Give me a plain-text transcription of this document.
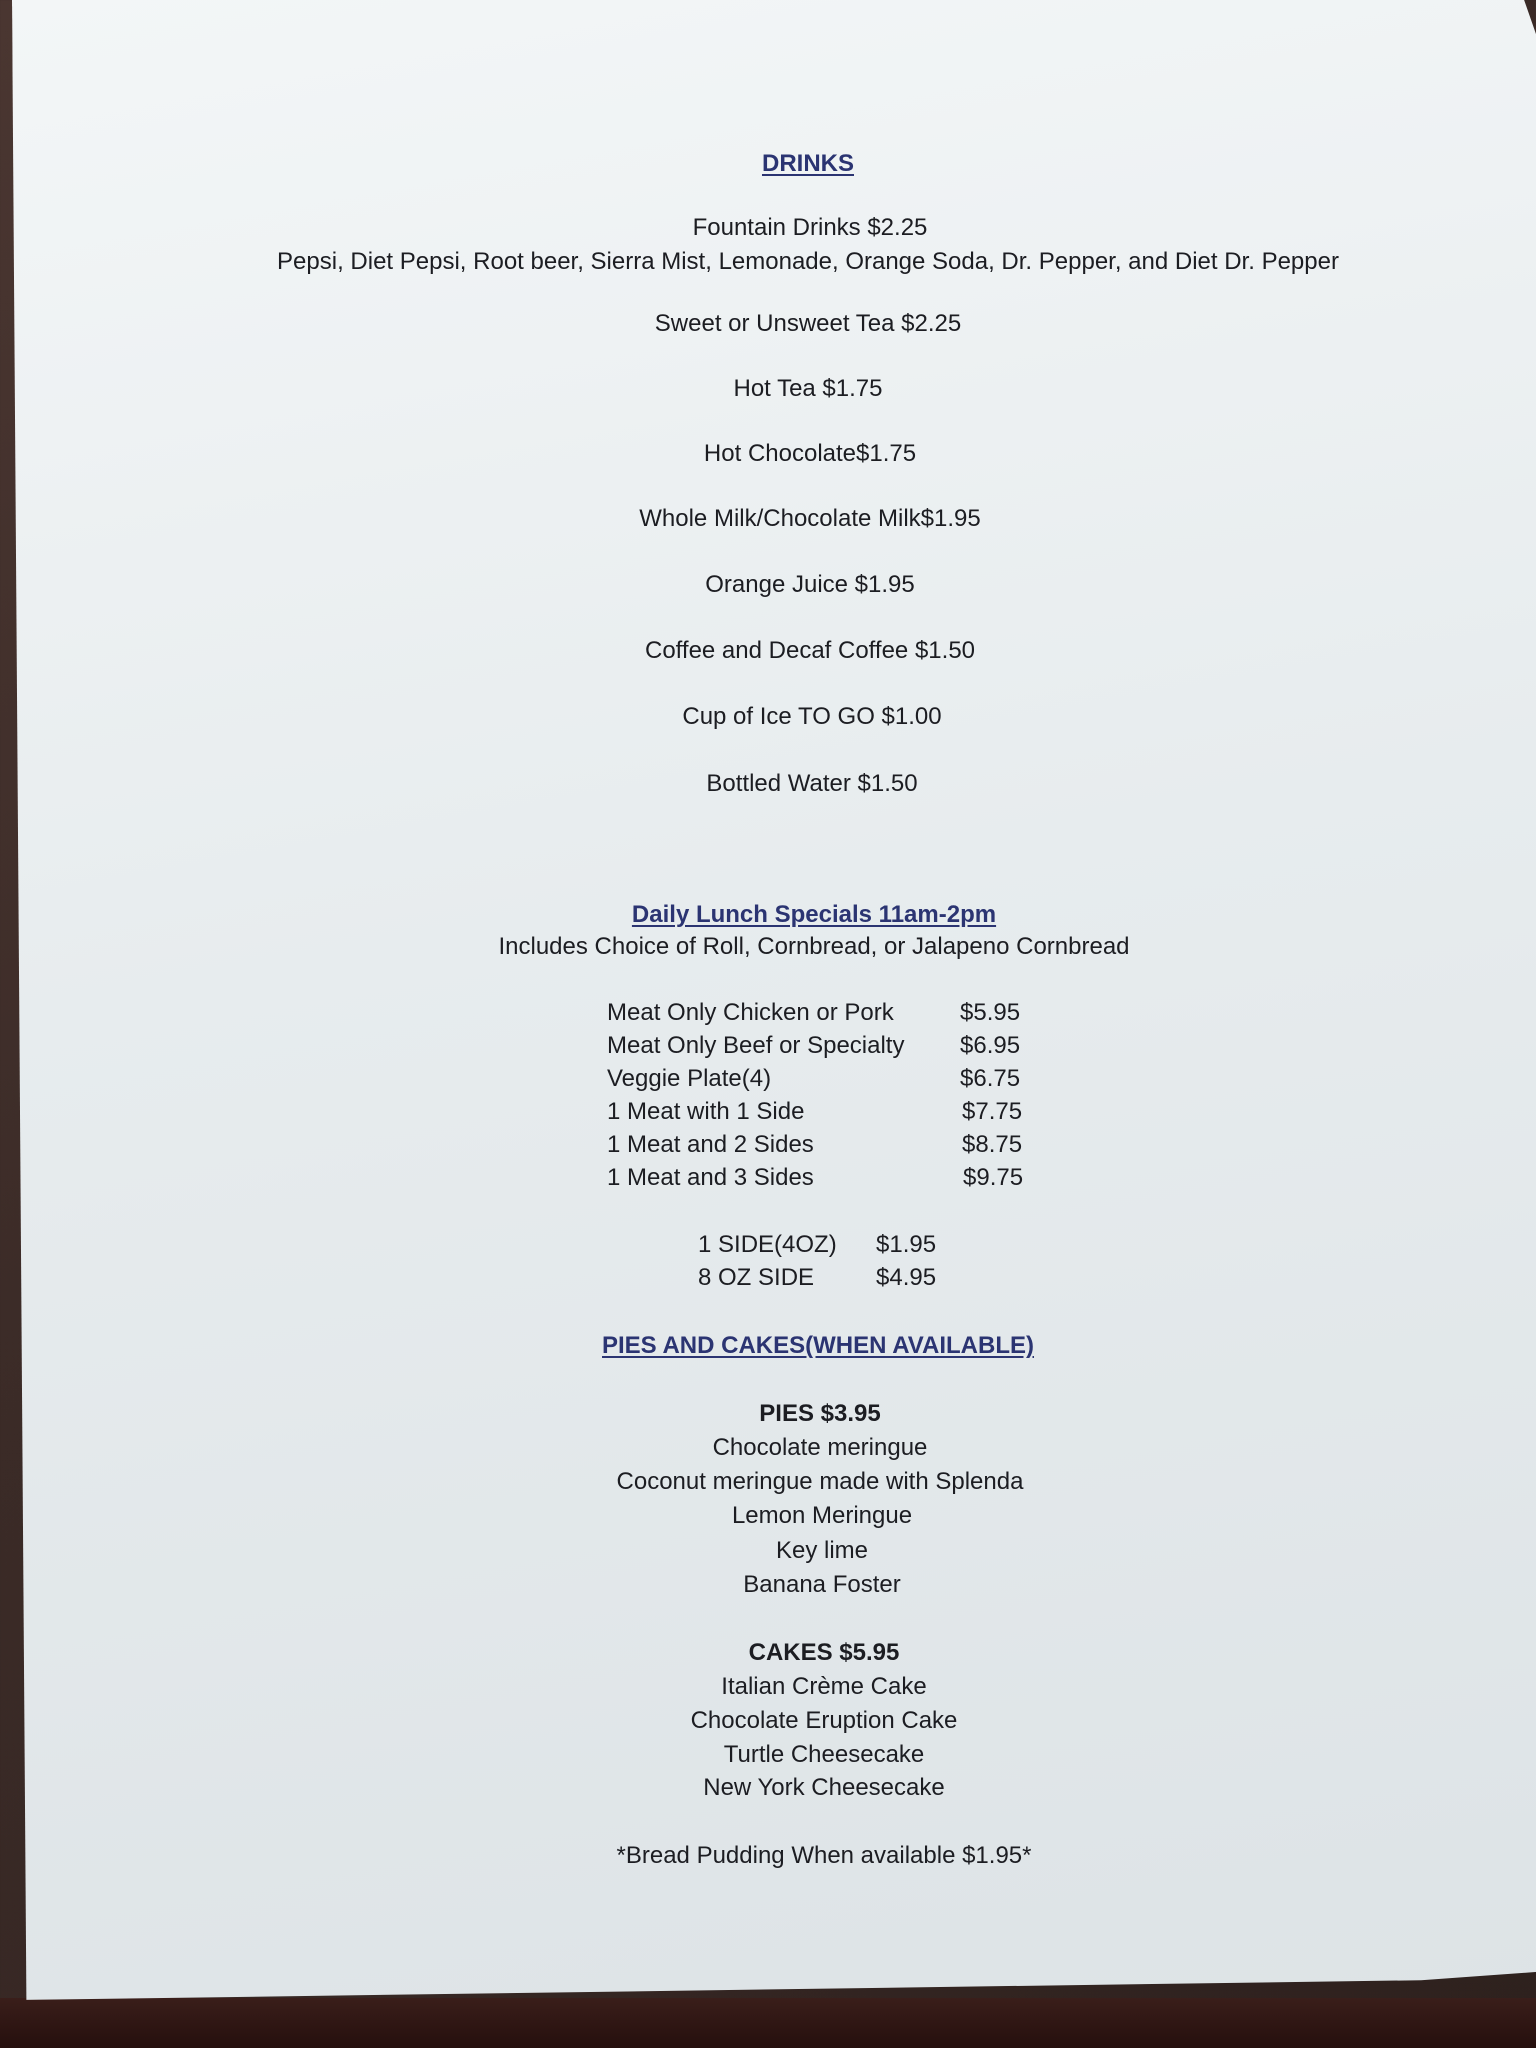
DRINKS
Fountain Drinks $2.25
Pepsi, Diet Pepsi, Root beer, Sierra Mist, Lemonade, Orange Soda, Dr. Pepper, and Diet Dr. Pepper
Sweet or Unsweet Tea $2.25
Hot Tea $1.75
Hot Chocolate$1.75
Whole Milk/Chocolate Milk$1.95
Orange Juice $1.95
Coffee and Decaf Coffee $1.50
Cup of Ice TO GO $1.00
Bottled Water $1.50
Daily Lunch Specials 11am-2pm
Includes Choice of Roll, Cornbread, or Jalapeno Cornbread
Meat Only Chicken or Pork	$5.95
Meat Only Beef or Specialty $6.95
Veggie Plate(4)	$6.75
1 Meat with 1 Side	$7.75
1 Meat and 2 Sides	$8.75
1 Meat and 3 Sides	$9.75
1 SIDE(4OZ) $1.95
8 OZ SIDE	$4.95
PIES AND CAKES(WHEN AVAILABLE)
PIES $3.95
Chocolate meringue
Coconut meringue made with Splenda
Lemon Meringue
Key lime
Banana Foster
CAKES $5.95
Italian Crème Cake
Chocolate Eruption Cake
Turtle Cheesecake
New York Cheesecake
*Bread Pudding When available $1.95*
